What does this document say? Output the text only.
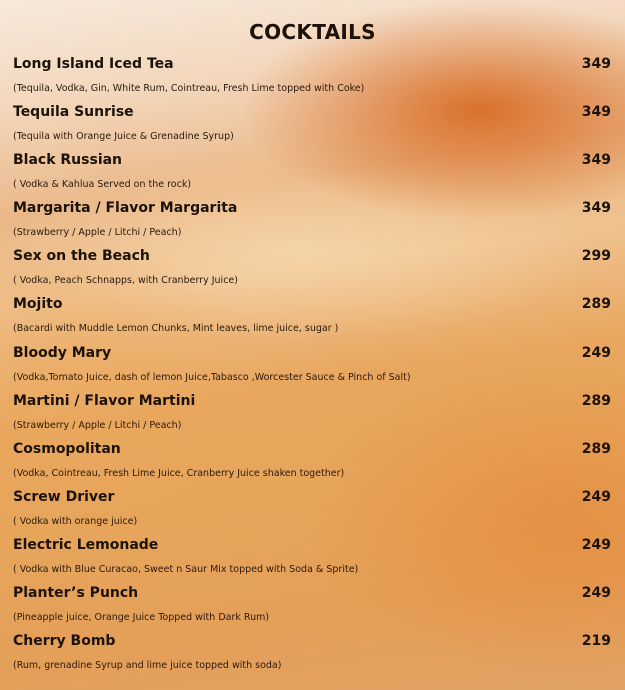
COCKTAILS
Long Island Iced Tea	349
(Tequila, Vodka, Gin, White Rum, Cointreau, Fresh Lime topped with Coke)
Tequila Sunrise	349
(Tequila with Orange Juice & Grenadine Syrup)
Black Russian	349
( Vodka & Kahlua Served on the rock)
Margarita / Flavor Margarita	349
(Strawberry / Apple / Litchi / Peach)
Sex on the Beach	299
( Vodka, Peach Schnapps, with Cranberry Juice)
Mojito	289
(Bacardi with Muddle Lemon Chunks, Mint leaves, lime juice, sugar )
Bloody Mary	249
(Vodka,Tomato Juice, dash of lemon Juice,Tabasco ,Worcester Sauce & Pinch of Salt)
Martini / Flavor Martini	289
(Strawberry / Apple / Litchi / Peach)
Cosmopolitan	289
(Vodka, Cointreau, Fresh Lime Juice, Cranberry Juice shaken together)
Screw Driver	249
( Vodka with orange juice)
Electric Lemonade	249
( Vodka with Blue Curacao, Sweet n Saur Mix topped with Soda & Sprite)
Planter’s Punch	249
(Pineapple juice, Orange Juice Topped with Dark Rum)
Cherry Bomb	219
(Rum, grenadine Syrup and lime juice topped with soda)
